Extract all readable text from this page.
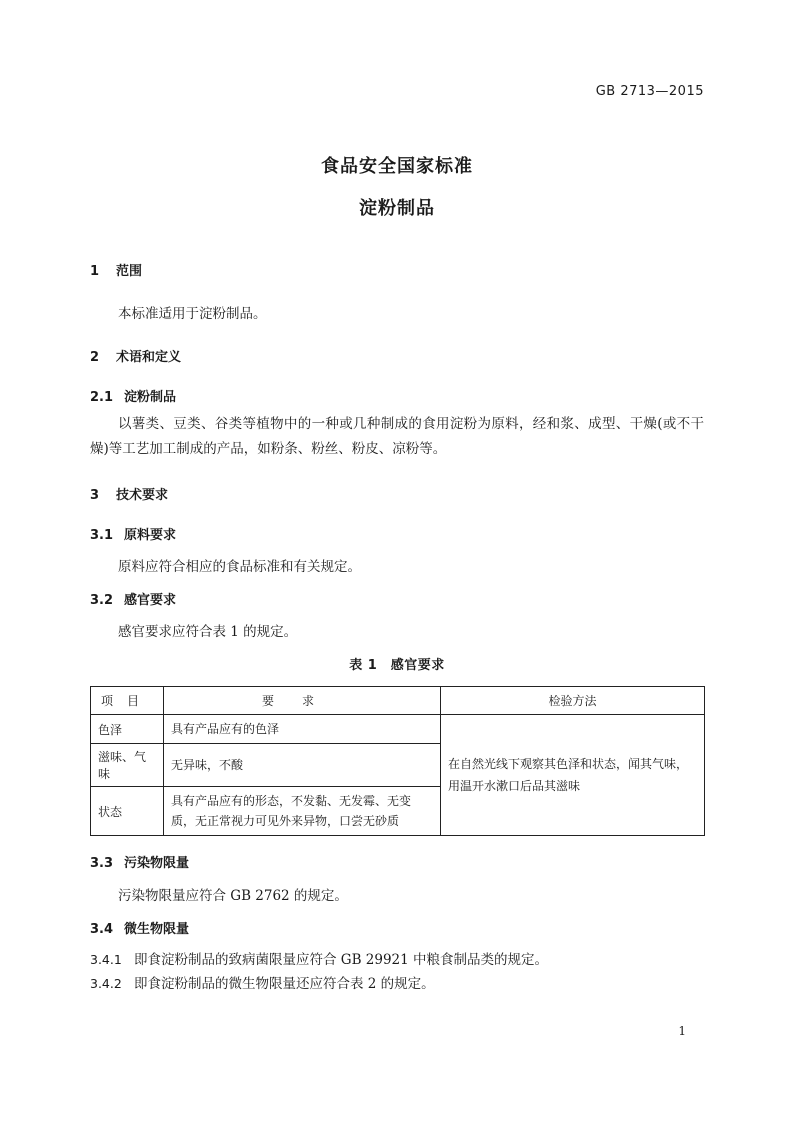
GB 2713—2015
食品安全国家标准
淀粉制品
1 范围
本标准适用于淀粉制品。
2 术语和定义
2.1 淀粉制品
以薯类、豆类、谷类等植物中的一种或几种制成的食用淀粉为原料，经和浆、成型、干燥(或不干燥)等工艺加工制成的产品，如粉条、粉丝、粉皮、凉粉等。
3 技术要求
3.1 原料要求
原料应符合相应的食品标准和有关规定。
3.2 感官要求
感官要求应符合表 1 的规定。
表 1　感官要求
项目	要求	检验方法
色泽	具有产品应有的色泽	在自然光线下观察其色泽和状态，闻其气味，用温开水漱口后品其滋味
滋味、气味	无异味，不酸	
状态	具有产品应有的形态，不发黏、无发霉、无变质，无正常视力可见外来异物，口尝无砂质	
3.3 污染物限量
污染物限量应符合 GB 2762 的规定。
3.4 微生物限量
3.4.1 即食淀粉制品的致病菌限量应符合 GB 29921 中粮食制品类的规定。
3.4.2 即食淀粉制品的微生物限量还应符合表 2 的规定。
1
